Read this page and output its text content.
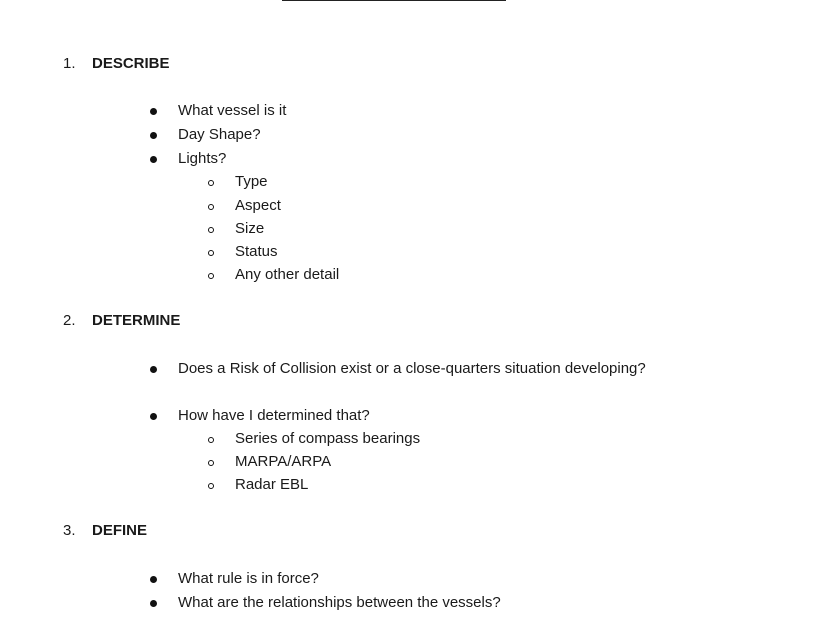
1. DESCRIBE
What vessel is it
Day Shape?
Lights?
Type
Aspect
Size
Status
Any other detail
2. DETERMINE
Does a Risk of Collision exist or a close-quarters situation developing?
How have I determined that?
Series of compass bearings
MARPA/ARPA
Radar EBL
3. DEFINE
What rule is in force?
What are the relationships between the vessels?
